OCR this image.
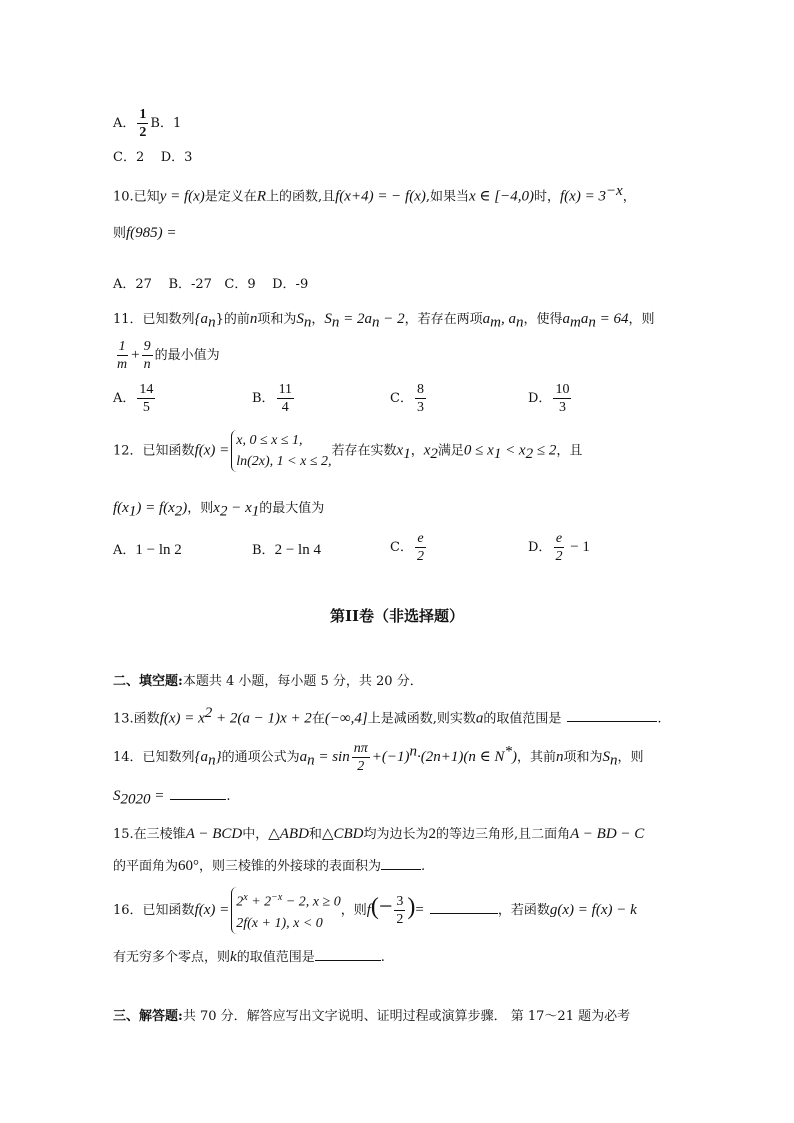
A． $\frac{1}{2}$ B．1
C．2 D．3
10.已知y = f(x)是定义在R上的函数,且f(x+4) = − f(x),如果当x ∈ [−4,0)时，$f(x) = 3^{-x}$，
则f(985) =
A．27 B．-27 C．9 D．-9
11．已知数列$\{a_n\}$的前n项和为$S_n$，$S_n = 2a_n - 2$，若存在两项$a_m$, $a_n$，使得$a_ma_n = 64$，则
$\frac{1}{m} + \frac{9}{n}$ 的最小值为
A． $\frac{14}{5}$	B． $\frac{11}{4}$	C． $\frac{8}{3}$	D． $\frac{10}{3}$
12．已知函数f(x) =
x, 0 ≤ x ≤ 1,
ln(2x), 1 < x ≤ 2,
若存在实数$x_1$，$x_2$满足$0 \le x_1 < x_2 \le 2$，且
$f(x_1) = f(x_2)$，则$x_2 - x_1$的最大值为
A．1 − ln 2	B．2 − ln 4	C． $\frac{e}{2}$	D． $\frac{e}{2} - 1$
第II卷（非选择题）
二、填空题:本题共 4 小题，每小题 5 分，共 20 分．
13.函数$f(x) = x^2 + 2(a - 1)x + 2$在(−∞,4]上是减函数,则实数a的取值范围是	.
14．已知数列$\{a_n\}$的通项公式为$a_n = \sin \frac{n\pi}{2} +(-1)^n\cdot(2n+1)(n$ ∈ N*)，其前n项和为$S_n$，则
$S_{2020}$ =	.
15.在三棱锥A − BCD中，△ABD和△CBD均为边长为2的等边三角形,且二面角A − BD − C
的平面角为60°，则三棱锥的外接球的表面积为	.
16．已知函数$f(x) = 2^x + 2^{-x} - 2$, x ≥ 0
2f(x + 1), x < 0
，则$f(- \frac{3}{2}$ )=	，若函数g(x) = f(x) − k
有无穷多个零点，则k的取值范围是	.
三、解答题:共 70 分．解答应写出文字说明、证明过程或演算步骤． 第 17～21 题为必考
